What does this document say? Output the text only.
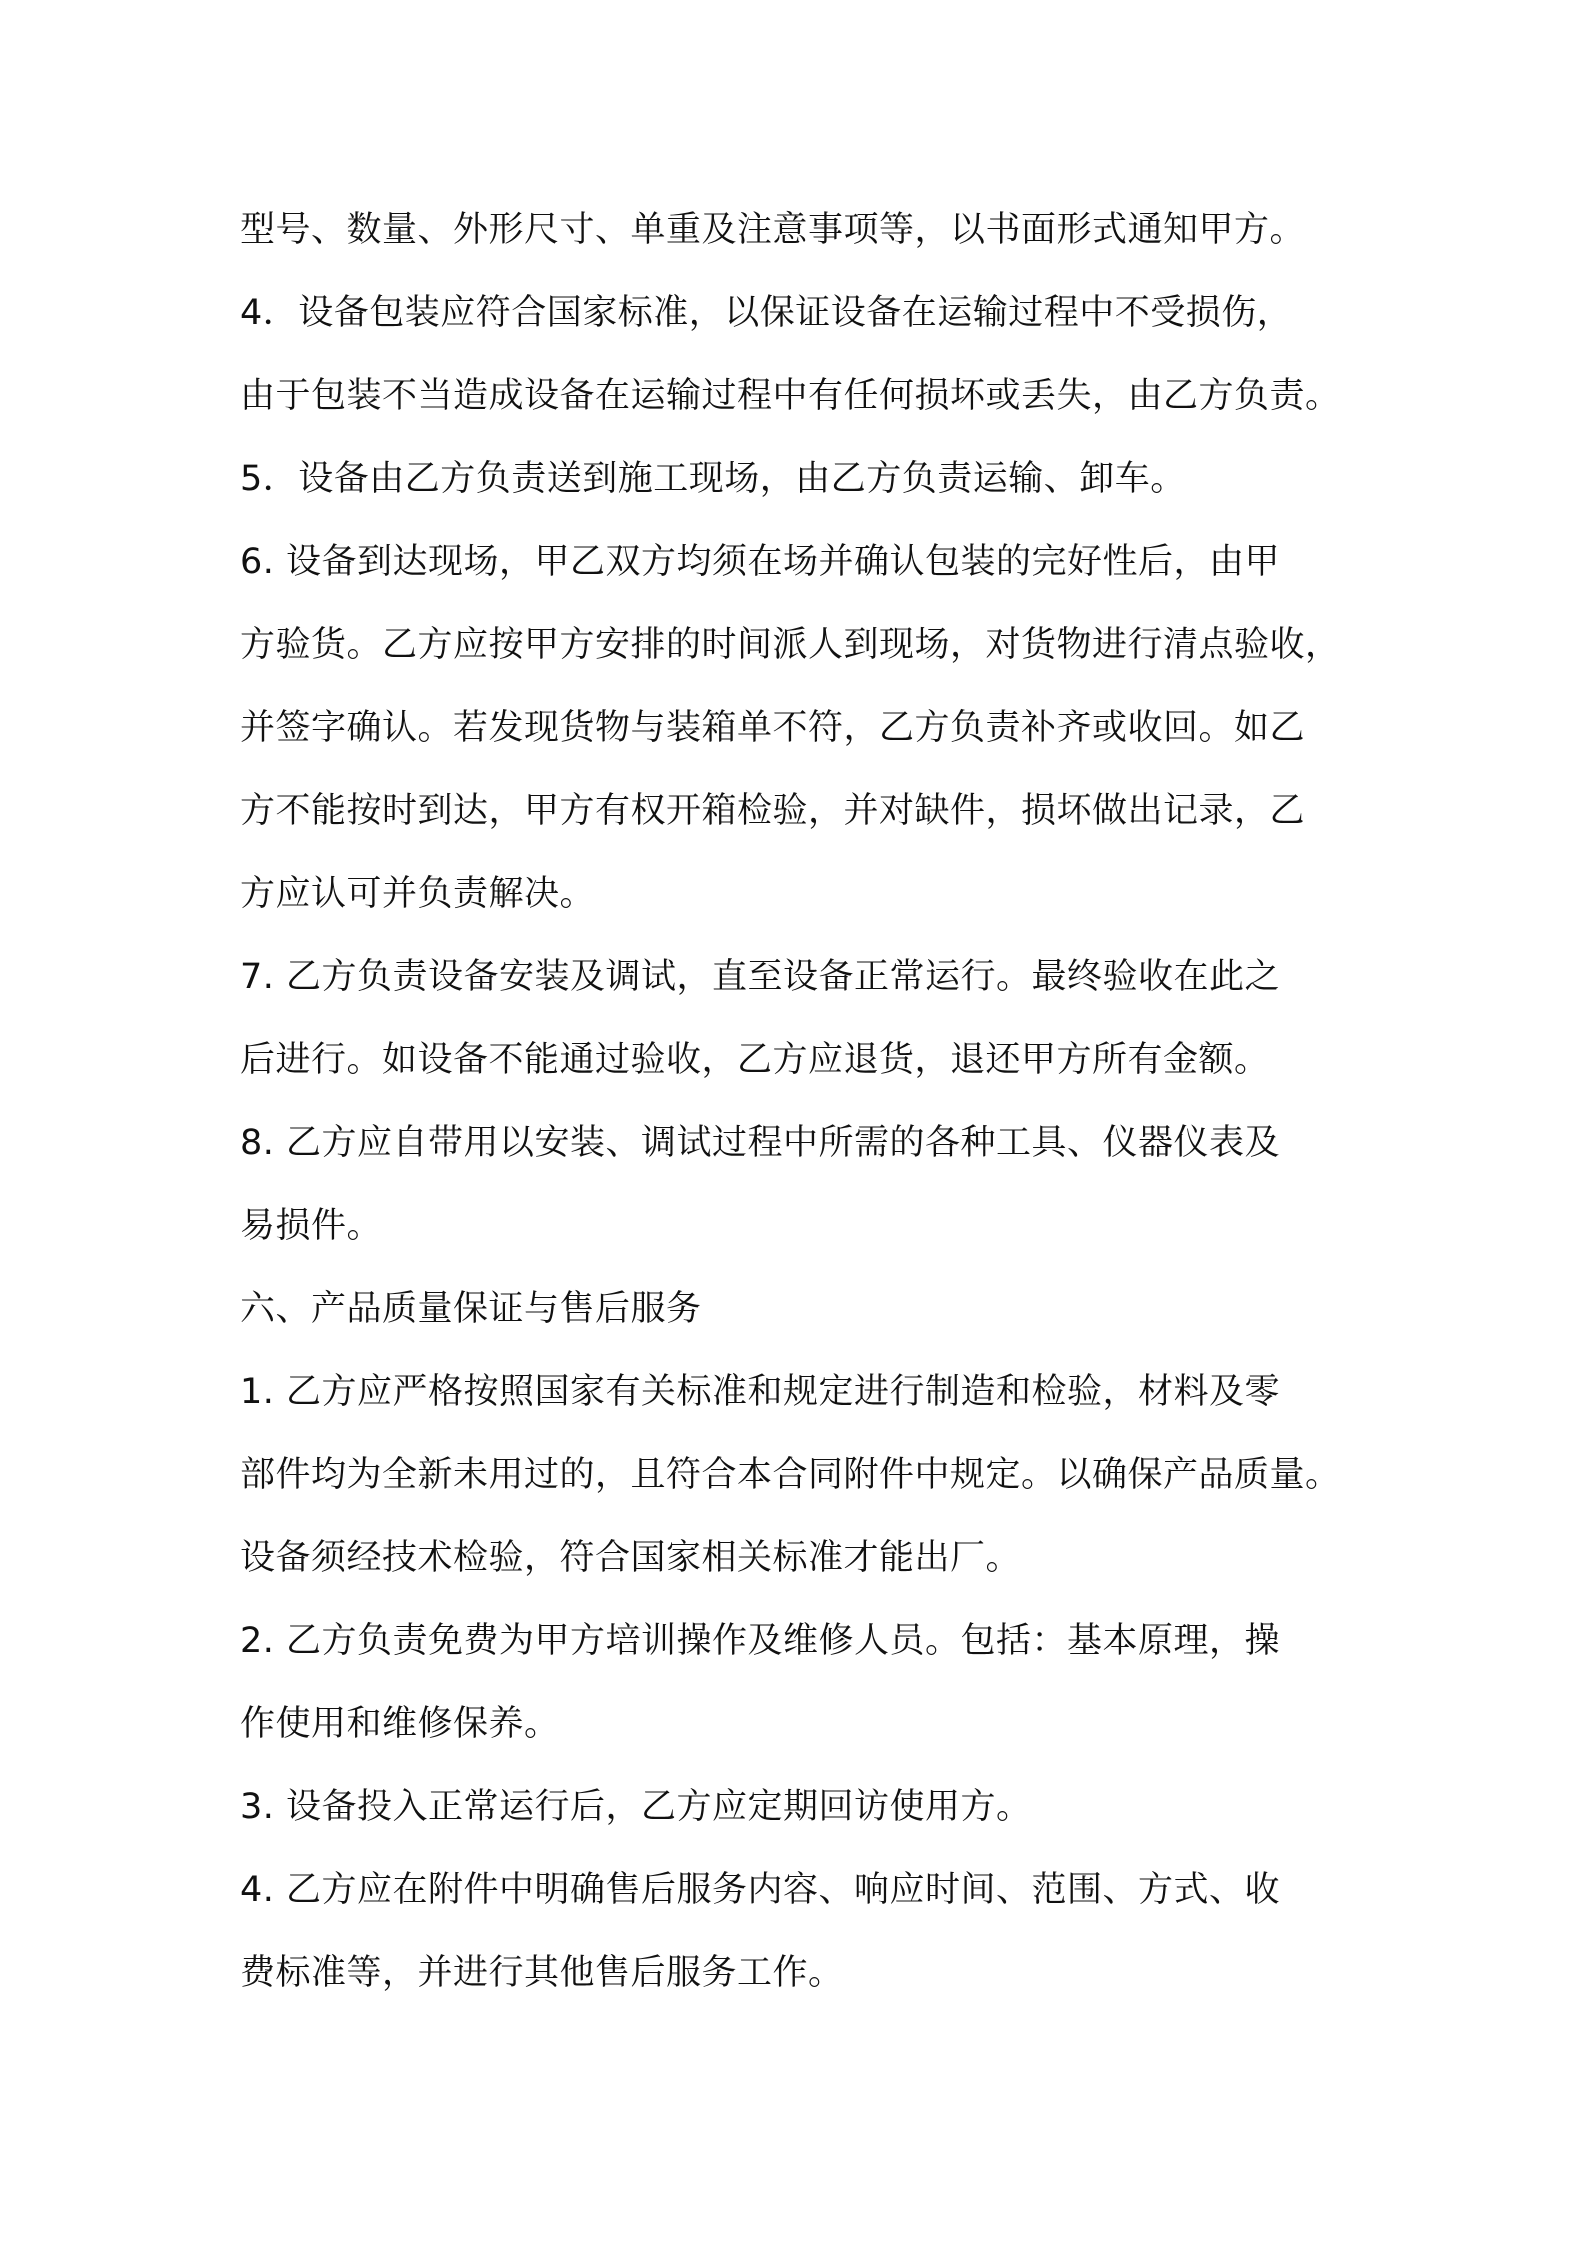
型号、数量、外形尺寸、单重及注意事项等，以书面形式通知甲方。
4．设备包装应符合国家标准，以保证设备在运输过程中不受损伤，
由于包装不当造成设备在运输过程中有任何损坏或丢失，由乙方负责。
5．设备由乙方负责送到施工现场，由乙方负责运输、卸车。
6. 设备到达现场，甲乙双方均须在场并确认包装的完好性后，由甲
方验货。乙方应按甲方安排的时间派人到现场，对货物进行清点验收，
并签字确认。若发现货物与装箱单不符，乙方负责补齐或收回。如乙
方不能按时到达，甲方有权开箱检验，并对缺件，损坏做出记录，乙
方应认可并负责解决。
7. 乙方负责设备安装及调试，直至设备正常运行。最终验收在此之
后进行。如设备不能通过验收，乙方应退货，退还甲方所有金额。
8. 乙方应自带用以安装、调试过程中所需的各种工具、仪器仪表及
易损件。
六、产品质量保证与售后服务
1. 乙方应严格按照国家有关标准和规定进行制造和检验，材料及零
部件均为全新未用过的，且符合本合同附件中规定。以确保产品质量。
设备须经技术检验，符合国家相关标准才能出厂。
2. 乙方负责免费为甲方培训操作及维修人员。包括：基本原理，操
作使用和维修保养。
3. 设备投入正常运行后，乙方应定期回访使用方。
4. 乙方应在附件中明确售后服务内容、响应时间、范围、方式、收
费标准等，并进行其他售后服务工作。
